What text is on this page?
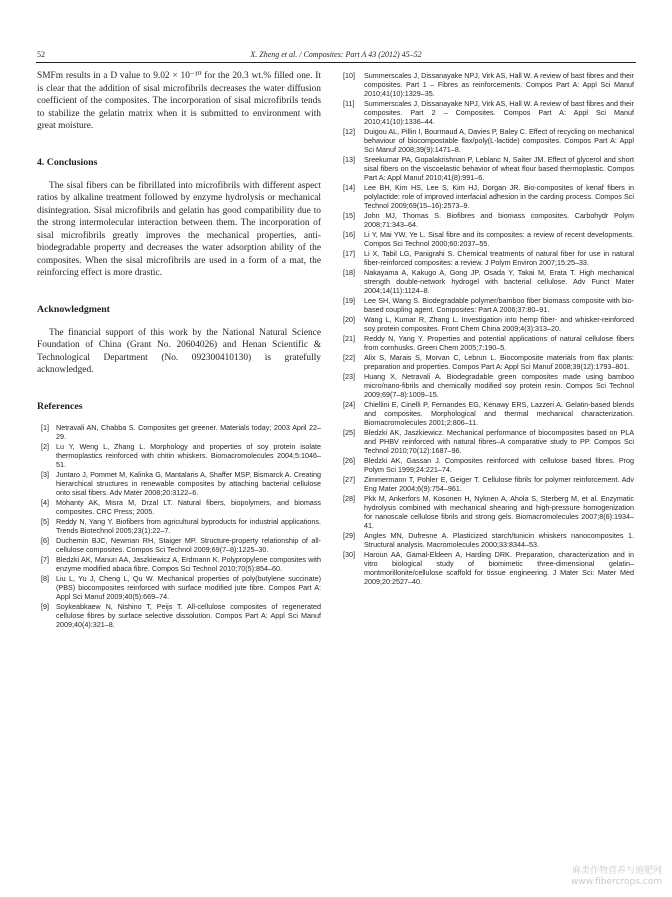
52	X. Zheng et al. / Composites: Part A 43 (2012) 45–52

SMFm results in a D value to 9.02 × 10⁻¹⁰ for the 20.3 wt.% filled one. It is clear that the addition of sisal microfibrils decreases the water diffusion coefficient of the composites. The incorporation of sisal microfibrils tends to stabilize the gelatin matrix when it is submitted to environment with great moisture.

4. Conclusions

The sisal fibers can be fibrillated into microfibrils with different aspect ratios by alkaline treatment followed by enzyme hydrolysis or mechanical disintegration. Sisal microfibrils and gelatin has good compatibility due to the strong intermolecular interaction between them. The incorporation of sisal microfibrils greatly improves the mechanical properties, anti-biodegradable property and decreases the water adsorption ability of the composites. When the sisal microfibrils are used in a form of a mat, the reinforcing effect is more drastic.

Acknowledgment

The financial support of this work by the National Natural Science Foundation of China (Grant No. 20604026) and Henan Scientific & Technological Department (No. 092300410130) is gratefully acknowledged.

References
[1] Netravali AN, Chabba S. Composites get greener. Materials today; 2003 April 22–29.
[2] Lu Y, Weng L, Zhang L. Morphology and properties of soy protein isolate thermoplastics reinforced with chitin whiskers. Biomacromolecules 2004;5:1046–51.
[3] Juntaro J, Pommet M, Kalinka G, Mantalaris A, Shaffer MSP, Bismarck A. Creating hierarchical structures in renewable composites by attaching bacterial cellulose onto sisal fibers. Adv Mater 2008;20:3122–6.
[4] Mohanty AK, Misra M, Drzal LT. Natural fibers, biopolymers, and biomass composites. CRC Press; 2005.
[5] Reddy N, Yang Y. Biofibers from agricultural byproducts for industrial applications. Trends Biotechnol 2005;23(1):22–7.
[6] Duchemin BJC, Newman RH, Staiger MP. Structure-property relationship of all-cellulose composites. Compos Sci Technol 2009;69(7–8):1225–30.
[7] Bledzki AK, Manun AA, Jaszkiewicz A, Erdmann K. Polypropylene composites with enzyme modified abaca fibre. Compos Sci Technol 2010;70(5):854–60.
[8] Liu L, Yu J, Cheng L, Qu W. Mechanical properties of poly(butylene succinate) (PBS) biocomposites reinforced with surface modified jute fibre. Compos Part A: Appl Sci Manuf 2009;40(5):669–74.
[9] Soykeabkaew N, Nishino T, Peijs T. All-cellulose composites of regenerated cellulose fibres by surface selective dissolution. Compos Part A: Appl Sci Manuf 2009;40(4):321–8.
[10] Summerscales J, Dissanayake NPJ, Virk AS, Hall W. A review of bast fibres and their composites. Part 1 – Fibres as reinforcements. Compos Part A: Appl Sci Manuf 2010;41(10):1329–35.
[11] Summerscales J, Dissanayake NPJ, Virk AS, Hall W. A review of bast fibres and their composites. Part 2 – Composites. Compos Part A: Appl Sci Manuf 2010;41(10):1336–44.
[12] Duigou AL, Pillin I, Bourmaud A, Davies P, Baley C. Effect of recycling on mechanical behaviour of biocompostable flax/poly(L-lactide) composites. Compos Part A: Appl Sci Manuf 2008;39(9):1471–8.
[13] Sreekumar PA, Gopalakrishnan P, Leblanc N, Saiter JM. Effect of glycerol and short sisal fibers on the viscoelastic behavior of wheat flour based thermoplastic. Compos Part A: Appl Manuf 2010;41(8):991–6.
[14] Lee BH, Kim HS, Lee S, Kim HJ, Dorgan JR. Bio-composites of kenaf fibers in polylactide: role of improved interfacial adhesion in the carding process. Compos Sci Technol 2009;69(15–16):2573–9.
[15] John MJ, Thomas S. Biofibres and biomass composites. Carbohydr Polym 2008;71:343–64.
[16] Li Y, Mai YW, Ye L. Sisal fibre and its composites: a review of recent developments. Compos Sci Technol 2000;60:2037–55.
[17] Li X, Tabil LG, Panigrahi S. Chemical treatments of natural fiber for use in natural fiber-reinforced composites: a review. J Polym Environ 2007;15:25–33.
[18] Nakayama A, Kakugo A, Gong JP, Osada Y, Takai M, Erata T. High mechanical strength double-network hydrogel with bacterial cellulose. Adv Funct Mater 2004;14(11):1124–8.
[19] Lee SH, Wang S. Biodegradable polymer/bamboo fiber biomass composite with bio-based coupling agent. Composites: Part A 2006;37:80–91.
[20] Wang L, Kumar R, Zhang L. Investigation into hemp fiber- and whisker-reinforced soy protein composites. Front Chem China 2009;4(3):313–20.
[21] Reddy N, Yang Y. Properties and potential applications of natural cellulose fibers from cornhusks. Green Chem 2005;7:190–5.
[22] Alix S, Marais S, Morvan C, Lebrun L. Biocomposite materials from flax plants: preparation and properties. Compos Part A: Appl Sci Manuf 2008;39(12):1793–801.
[23] Huang X, Netravali A. Biodegradable green composites made using bamboo micro/nano-fibrils and chemically modified soy protein resin. Compos Sci Technol 2009;69(7–8):1009–15.
[24] Chiellini E, Cinelli P, Fernandes EG, Kenawy ERS, Lazzeri A. Gelatin-based blends and composites. Morphological and thermal mechanical characterization. Biomacromolecules 2001;2:806–11.
[25] Bledzki AK, Jaszkiewicz. Mechanical performance of biocomposites based on PLA and PHBV reinforced with natural fibres–A comparative study to PP. Compos Sci Technol 2010;70(12):1687–96.
[26] Bledzki AK, Gassan J. Composites reinforced with cellulose based fibres. Prog Polym Sci 1999;24:221–74.
[27] Zimmermann T, Pohler E, Geiger T. Cellulose fibrils for polymer reinforcement. Adv Eng Mater 2004;6(9):754–961.
[28] Pkk M, Ankerfors M, Kosonen H, Nyknen A, Ahola S, Sterberg M, et al. Enzymatic hydrolysis combined with mechanical shearing and high-pressure homogenization for nanoscale cellulose fibrils and strong gels. Biomacromolecules 2007;8(6):1934–41.
[29] Angles MN, Dufresne A. Plasticized starch/tunicin whiskers nanocomposites 1. Structural analysis. Macromolecules 2000;33:8344–53.
[30] Haroun AA, Gamal-Eldeen A, Harding DRK. Preparation, characterization and in vitro biological study of biomimetic three-dimensional gelatin–montmorillonite/cellulose scaffold for tissue engineering. J Mater Sci: Mater Med 2009;20:2527–40.
麻类作物营养与施肥网
www.fibercrops.com
